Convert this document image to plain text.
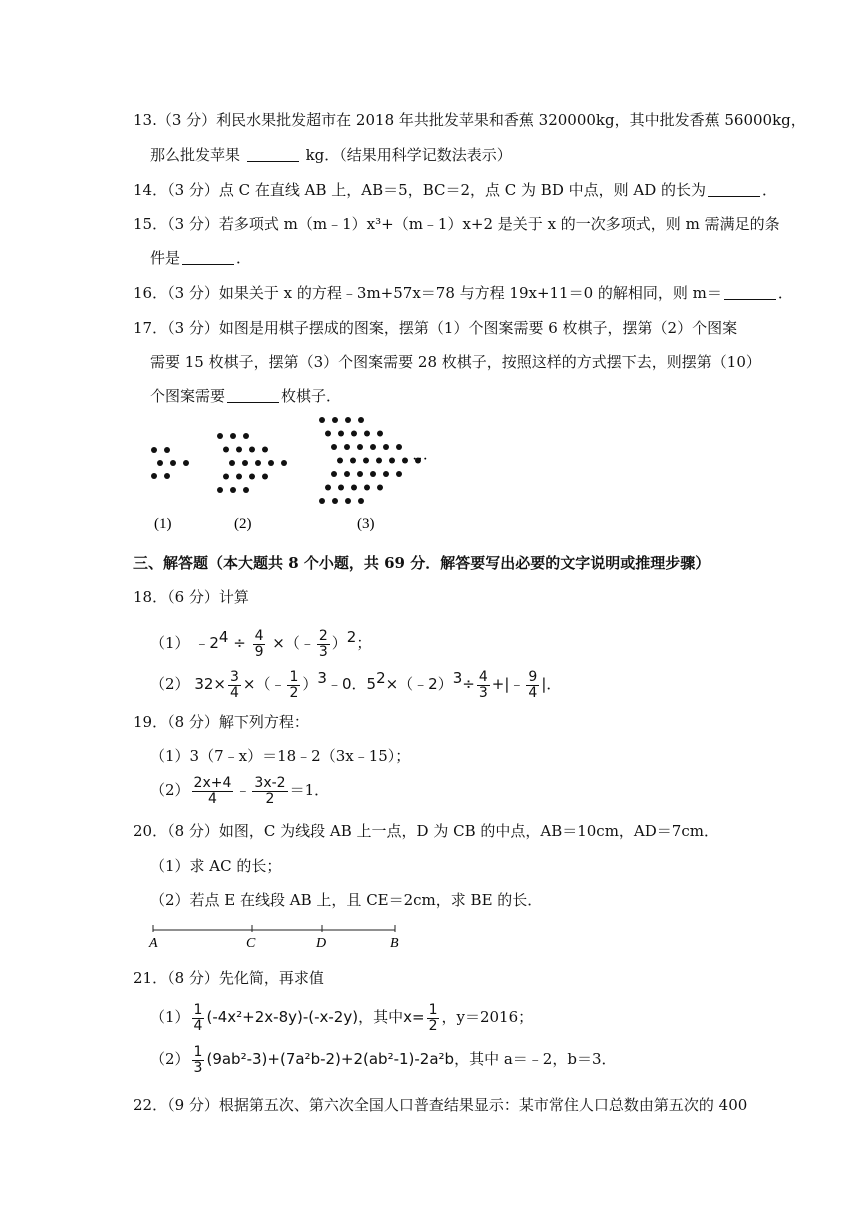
13.（3 分）利民水果批发超市在 2018 年共批发苹果和香蕉 320000kg，其中批发香蕉 56000kg，
那么批发苹果	kg．（结果用科学记数法表示）
14．（3 分）点 C 在直线 AB 上，AB＝5，BC＝2，点 C 为 BD 中点，则 AD 的长为	．
15．（3 分）若多项式 m（m﹣1）x³+（m﹣1）x+2 是关于 x 的一次多项式，则 m 需满足的条
件是	．
16．（3 分）如果关于 x 的方程﹣3m+57x＝78 与方程 19x+11＝0 的解相同，则 m＝	．
17．（3 分）如图是用棋子摆成的图案，摆第（1）个图案需要 6 枚棋子，摆第（2）个图案
需要 15 枚棋子，摆第（3）个图案需要 28 枚棋子，按照这样的方式摆下去，则摆第（10）
个图案需要	枚棋子．
···
(1)	(2)	(3)
三、解答题（本大题共 8 个小题，共 69 分．解答要写出必要的文字说明或推理步骤）
18．（6 分）计算
（1） $﹣2^4 \div \frac{4}{9}$ ×（﹣ $\frac{2}{3} )^2$；
（2） $32\times \frac{3}{4}$ ×（﹣ $\frac{1}{2}$ ）$^3$﹣0．$5^2\times(﹣2)^3\div \frac{4}{3}$ +|﹣ $\frac{9}{4}$ |．
19．（8 分）解下列方程：
（1）3（7﹣x）＝18﹣2（3x﹣15）；
$(2) \frac{2x+4}{4}$ ﹣ $\frac{3x-2}{2} =1$．
20．（8 分）如图，C 为线段 AB 上一点，D 为 CB 的中点，AB＝10cm，AD＝7cm．
（1）求 AC 的长；
（2）若点 E 在线段 AB 上，且 CE＝2cm，求 BE 的长．
A	C	D	B
21．（8 分）先化简，再求值
$(1) \frac{1}{4} (-4x^2+2x-8y)-(-x-2y)$，其中$x= \frac{1}{2}$ ，y＝2016；
$(2) \frac{1}{3} (9ab^2-3)+(7a^2b-2)+2(ab^2-1)-2a^2b$，其中 a＝﹣2，b＝3．
22．（9 分）根据第五次、第六次全国人口普查结果显示：某市常住人口总数由第五次的 400
